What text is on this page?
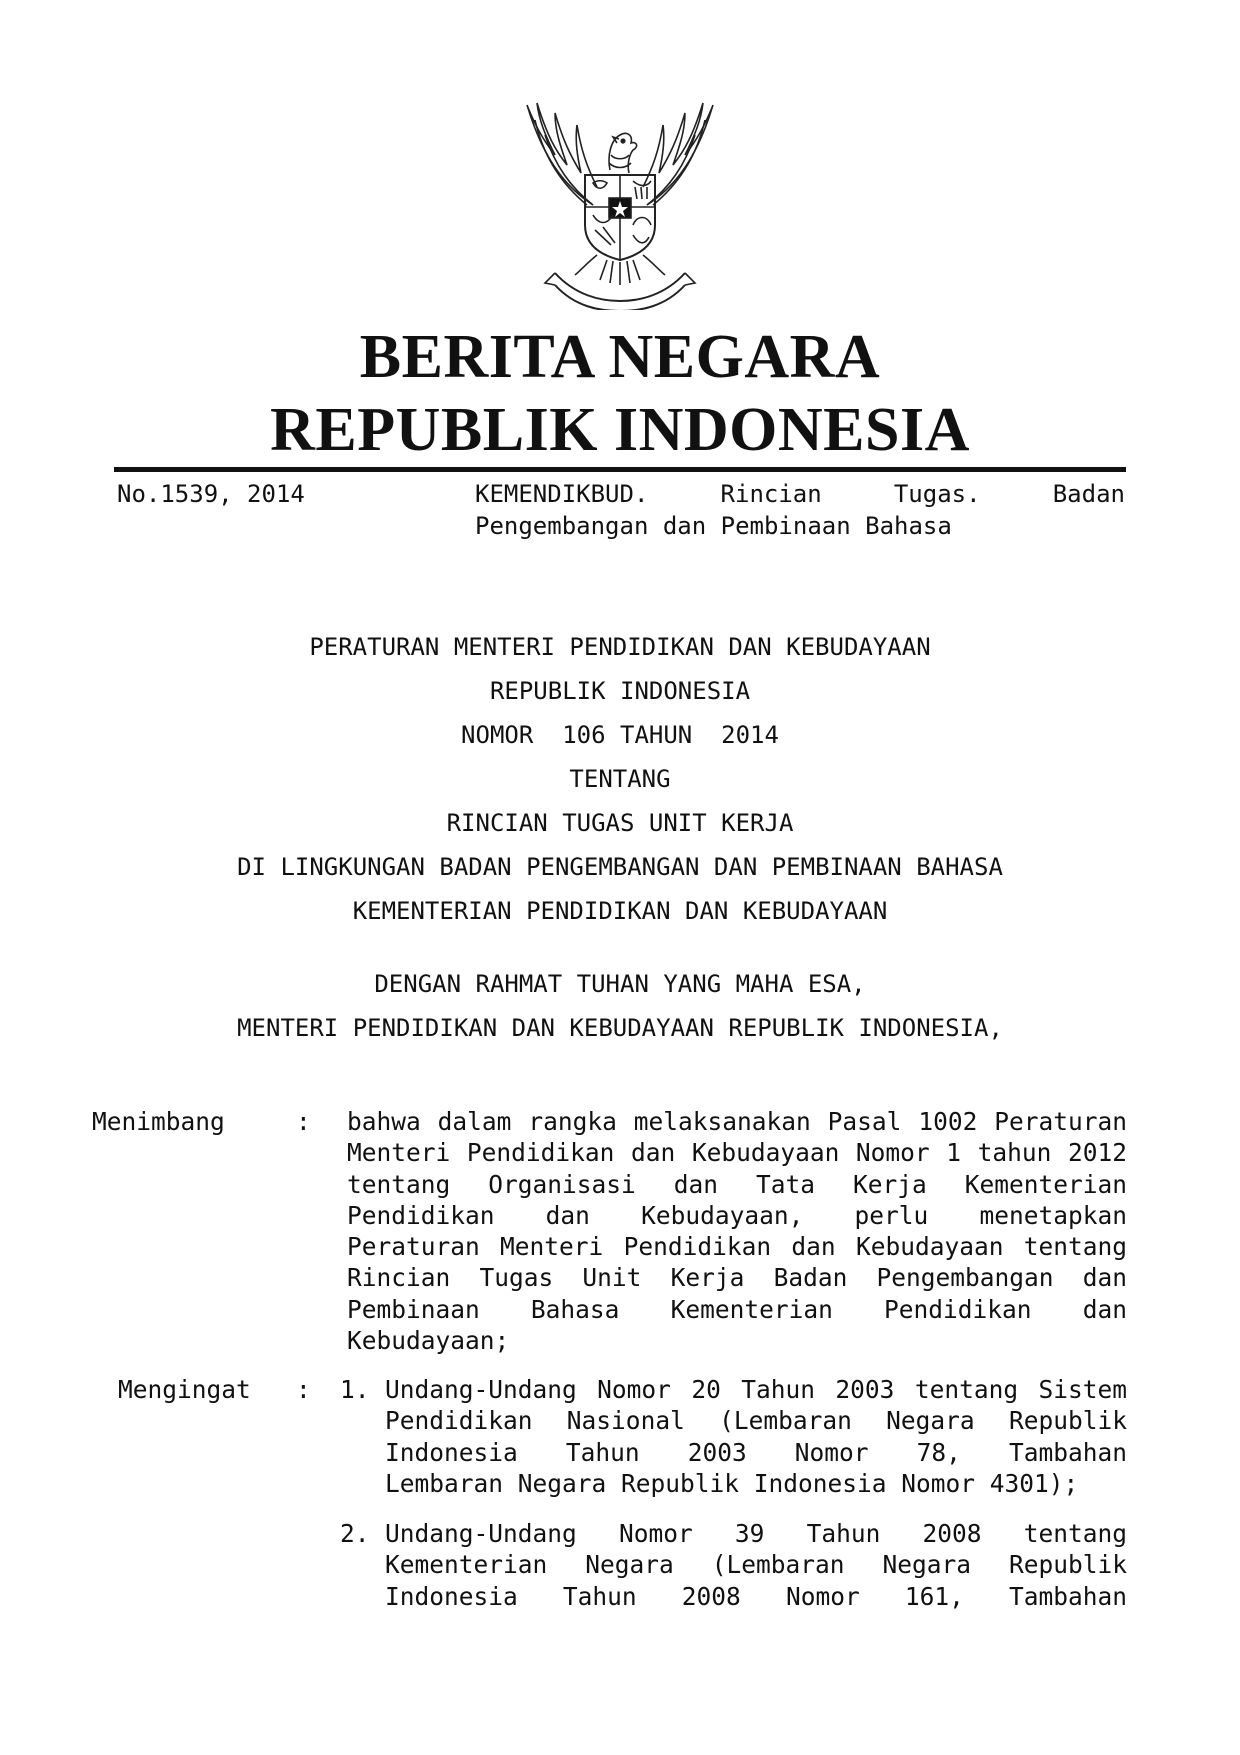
BERITA NEGARA
REPUBLIK INDONESIA
No.1539, 2014	KEMENDIKBUD.	Rincian	Tugas.	Badan
Pengembangan dan Pembinaan Bahasa
PERATURAN MENTERI PENDIDIKAN DAN KEBUDAYAAN
REPUBLIK INDONESIA
NOMOR  106 TAHUN  2014
TENTANG
RINCIAN TUGAS UNIT KERJA
DI LINGKUNGAN BADAN PENGEMBANGAN DAN PEMBINAAN BAHASA
KEMENTERIAN PENDIDIKAN DAN KEBUDAYAAN
DENGAN RAHMAT TUHAN YANG MAHA ESA,
MENTERI PENDIDIKAN DAN KEBUDAYAAN REPUBLIK INDONESIA,
Menimbang	: bahwa dalam rangka melaksanakan Pasal 1002 Peraturan
Menteri Pendidikan dan Kebudayaan Nomor 1 tahun 2012
tentang Organisasi dan Tata Kerja Kementerian
Pendidikan dan Kebudayaan, perlu menetapkan
Peraturan Menteri Pendidikan dan Kebudayaan tentang
Rincian Tugas Unit Kerja Badan Pengembangan dan
Pembinaan Bahasa Kementerian Pendidikan dan
Kebudayaan;
Mengingat : 1. Undang-Undang Nomor 20 Tahun 2003 tentang Sistem
Pendidikan Nasional (Lembaran Negara Republik
Indonesia Tahun 2003 Nomor 78, Tambahan
Lembaran Negara Republik Indonesia Nomor 4301);
2. Undang-Undang Nomor 39 Tahun 2008 tentang
Kementerian Negara (Lembaran Negara Republik
Indonesia Tahun 2008 Nomor 161, Tambahan
